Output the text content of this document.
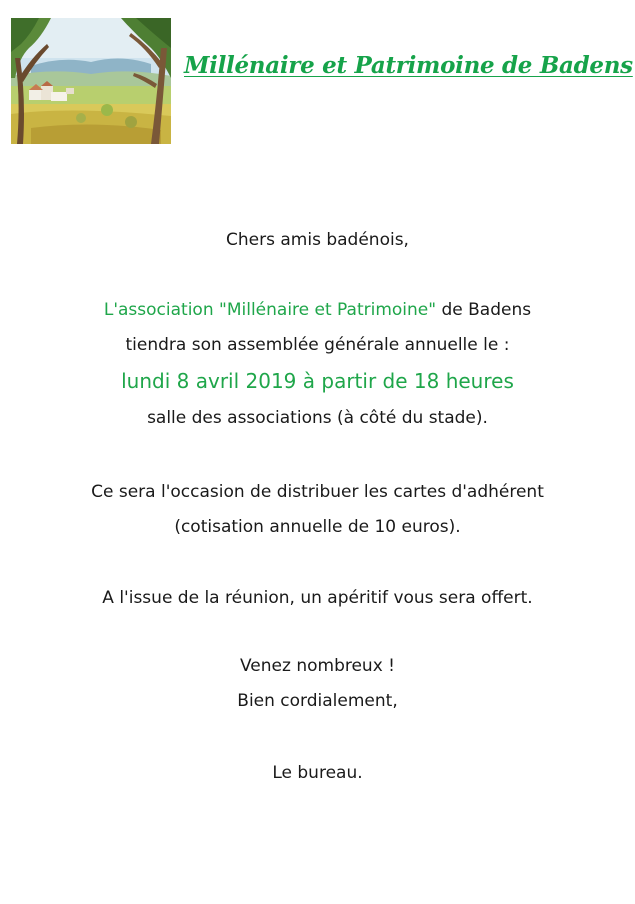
Millénaire et Patrimoine de Badens
Chers amis badénois,
L'association "Millénaire et Patrimoine" de Badens
tiendra son assemblée générale annuelle le :
lundi 8 avril 2019 à partir de 18 heures
salle des associations (à côté du stade).
Ce sera l'occasion de distribuer les cartes d'adhérent
(cotisation annuelle de 10 euros).
A l'issue de la réunion, un apéritif vous sera offert.
Venez nombreux !
Bien cordialement,
Le bureau.
